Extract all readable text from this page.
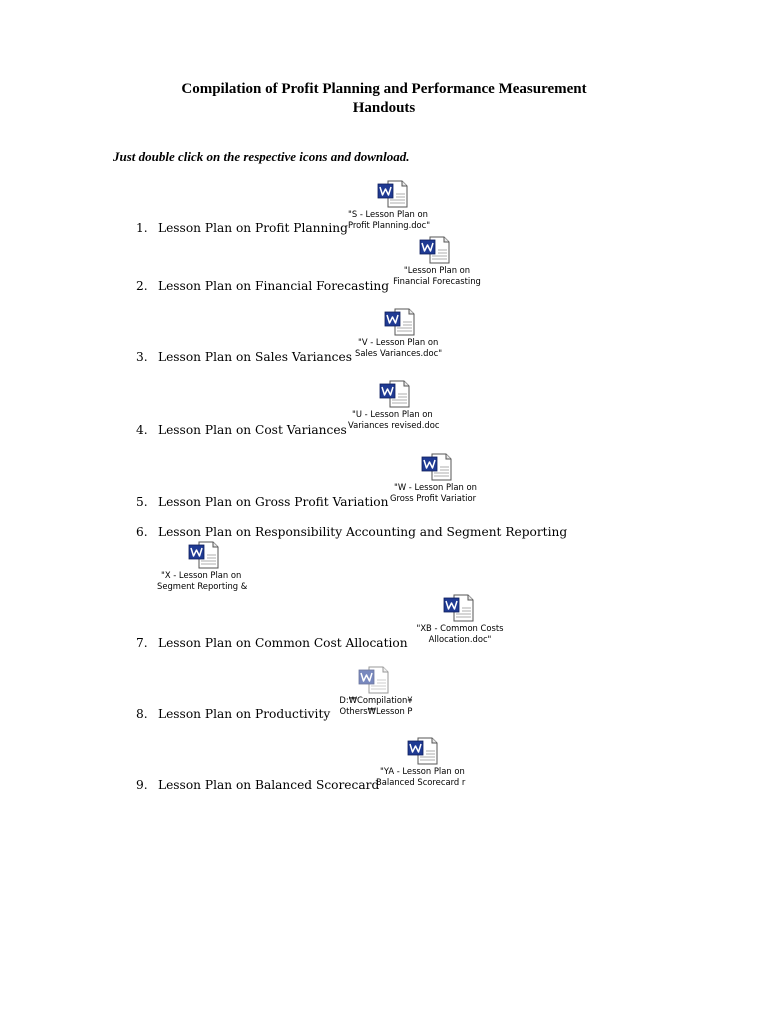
Compilation of Profit Planning and Performance Measurement
Handouts
Just double click on the respective icons and download.
1. Lesson Plan on Profit Planning
2. Lesson Plan on Financial Forecasting
3. Lesson Plan on Sales Variances
4. Lesson Plan on Cost Variances
5. Lesson Plan on Gross Profit Variation
6. Lesson Plan on Responsibility Accounting and Segment Reporting
7. Lesson Plan on Common Cost Allocation
8. Lesson Plan on Productivity
9. Lesson Plan on Balanced Scorecard
"S - Lesson Plan on
Profit Planning.doc"
"Lesson Plan on
Financial Forecasting
"V - Lesson Plan on
Sales Variances.doc"
"U - Lesson Plan on
Variances revised.doc
"W - Lesson Plan on
Gross Profit Variatior
"X - Lesson Plan on
Segment Reporting &
"XB - Common Costs
Allocation.doc"
D:₩Compilation¥
Others₩Lesson P
"YA - Lesson Plan on
Balanced Scorecard r
